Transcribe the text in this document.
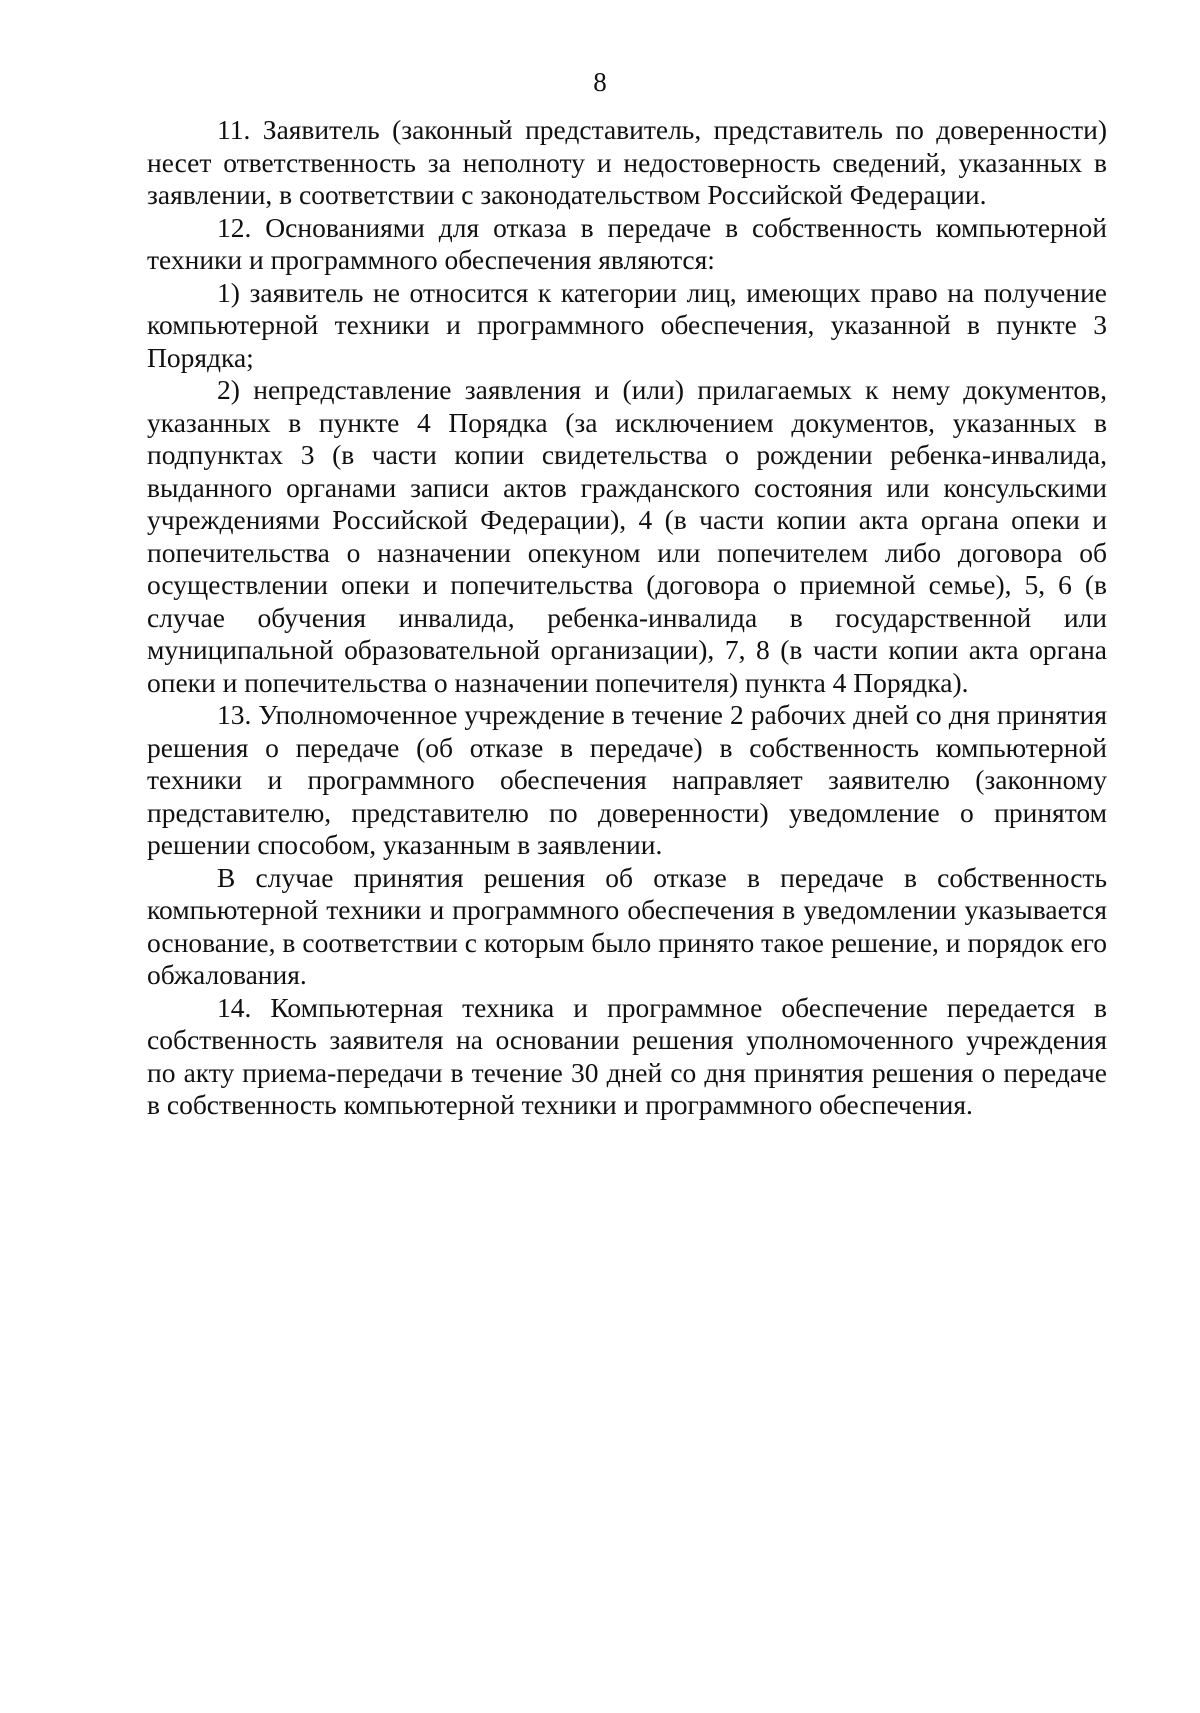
8

11. Заявитель (законный представитель, представитель по доверенности) несет ответственность за неполноту и недостоверность сведений, указанных в заявлении, в соответствии с законодательством Российской Федерации.

12. Основаниями для отказа в передаче в собственность компьютерной техники и программного обеспечения являются:

1) заявитель не относится к категории лиц, имеющих право на получение компьютерной техники и программного обеспечения, указанной в пункте 3 Порядка;

2) непредставление заявления и (или) прилагаемых к нему документов, указанных в пункте 4 Порядка (за исключением документов, указанных в подпунктах 3 (в части копии свидетельства о рождении ребенка-инвалида, выданного органами записи актов гражданского состояния или консульскими учреждениями Российской Федерации), 4 (в части копии акта органа опеки и попечительства о назначении опекуном или попечителем либо договора об осуществлении опеки и попечительства (договора о приемной семье), 5, 6 (в случае обучения инвалида, ребенка-инвалида в государственной или муниципальной образовательной организации), 7, 8 (в части копии акта органа опеки и попечительства о назначении попечителя) пункта 4 Порядка).

13. Уполномоченное учреждение в течение 2 рабочих дней со дня принятия решения о передаче (об отказе в передаче) в собственность компьютерной техники и программного обеспечения направляет заявителю (законному представителю, представителю по доверенности) уведомление о принятом решении способом, указанным в заявлении.

В случае принятия решения об отказе в передаче в собственность компьютерной техники и программного обеспечения в уведомлении указывается основание, в соответствии с которым было принято такое решение, и порядок его обжалования.

14. Компьютерная техника и программное обеспечение передается в собственность заявителя на основании решения уполномоченного учреждения по акту приема-передачи в течение 30 дней со дня принятия решения о передаче в собственность компьютерной техники и программного обеспечения.
